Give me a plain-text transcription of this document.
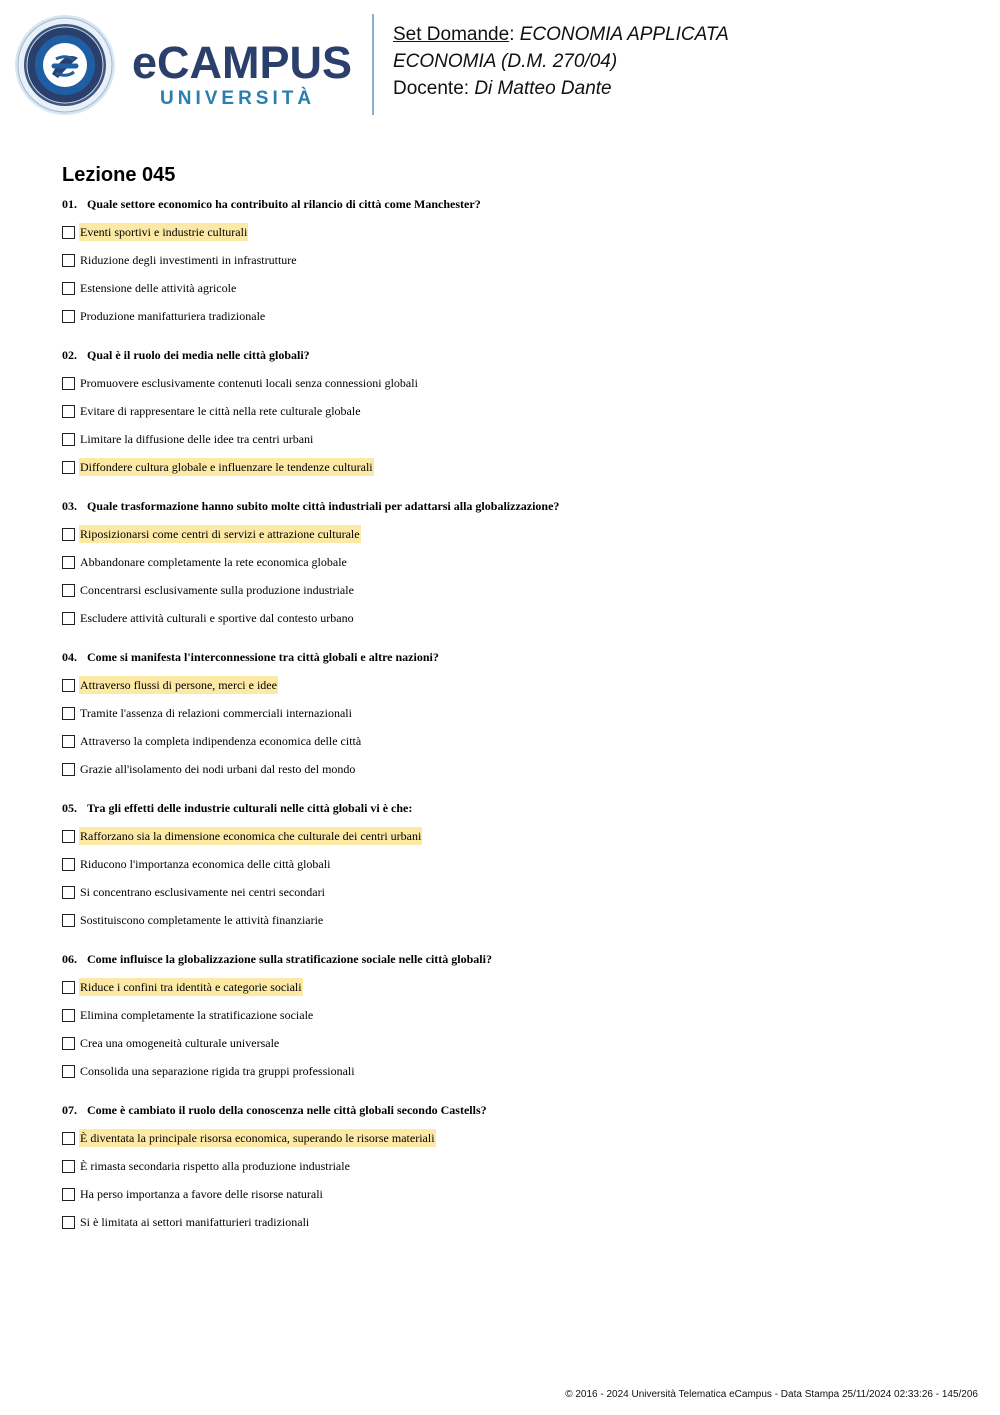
eCAMPUS
UNIVERSITÀ
Set Domande: ECONOMIA APPLICATA
ECONOMIA (D.M. 270/04)
Docente: Di Matteo Dante
Lezione 045
01. Quale settore economico ha contribuito al rilancio di città come Manchester?
Eventi sportivi e industrie culturali
Riduzione degli investimenti in infrastrutture
Estensione delle attività agricole
Produzione manifatturiera tradizionale
02. Qual è il ruolo dei media nelle città globali?
Promuovere esclusivamente contenuti locali senza connessioni globali
Evitare di rappresentare le città nella rete culturale globale
Limitare la diffusione delle idee tra centri urbani
Diffondere cultura globale e influenzare le tendenze culturali
03. Quale trasformazione hanno subito molte città industriali per adattarsi alla globalizzazione?
Riposizionarsi come centri di servizi e attrazione culturale
Abbandonare completamente la rete economica globale
Concentrarsi esclusivamente sulla produzione industriale
Escludere attività culturali e sportive dal contesto urbano
04. Come si manifesta l'interconnessione tra città globali e altre nazioni?
Attraverso flussi di persone, merci e idee
Tramite l'assenza di relazioni commerciali internazionali
Attraverso la completa indipendenza economica delle città
Grazie all'isolamento dei nodi urbani dal resto del mondo
05. Tra gli effetti delle industrie culturali nelle città globali vi è che:
Rafforzano sia la dimensione economica che culturale dei centri urbani
Riducono l'importanza economica delle città globali
Si concentrano esclusivamente nei centri secondari
Sostituiscono completamente le attività finanziarie
06. Come influisce la globalizzazione sulla stratificazione sociale nelle città globali?
Riduce i confini tra identità e categorie sociali
Elimina completamente la stratificazione sociale
Crea una omogeneità culturale universale
Consolida una separazione rigida tra gruppi professionali
07. Come è cambiato il ruolo della conoscenza nelle città globali secondo Castells?
È diventata la principale risorsa economica, superando le risorse materiali
È rimasta secondaria rispetto alla produzione industriale
Ha perso importanza a favore delle risorse naturali
Si è limitata ai settori manifatturieri tradizionali
© 2016 - 2024 Università Telematica eCampus - Data Stampa 25/11/2024 02:33:26 - 145/206
